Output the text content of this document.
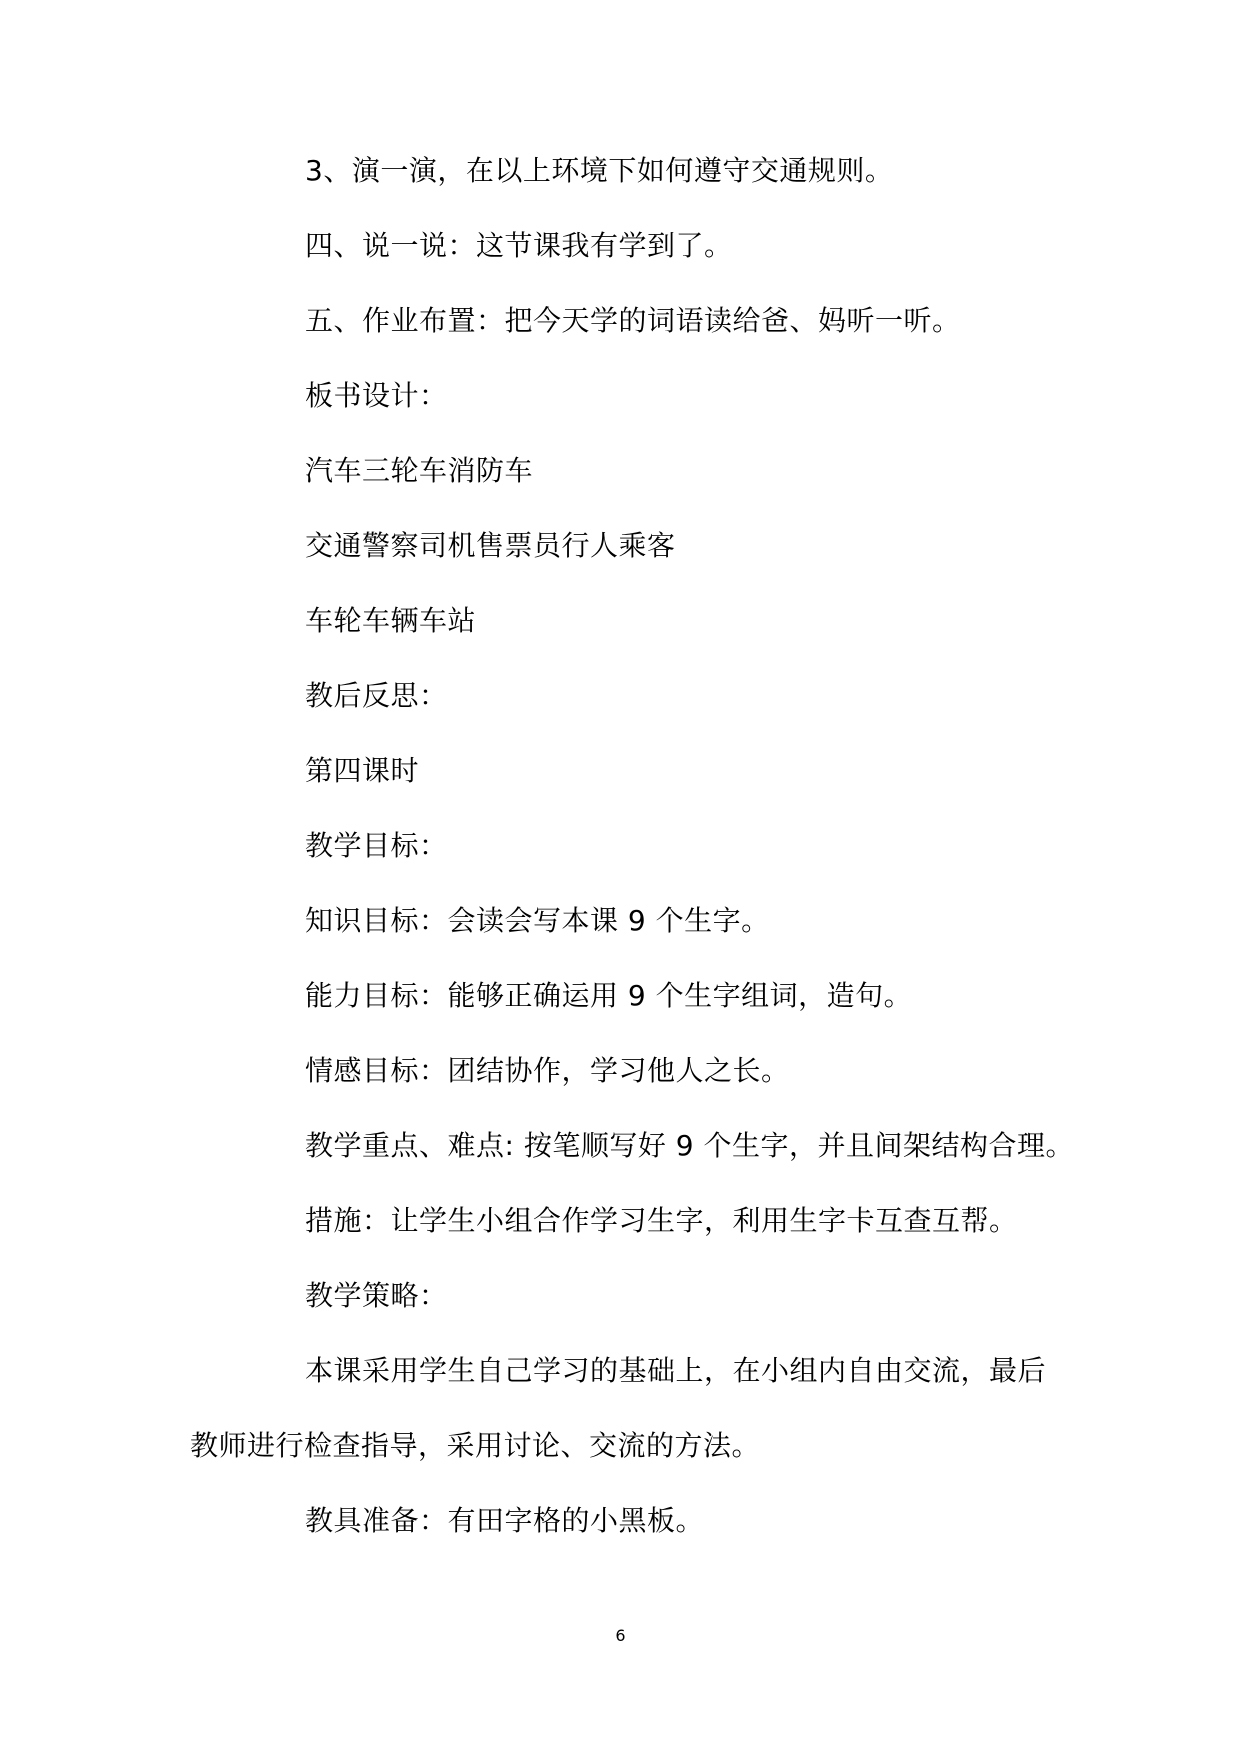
3、演一演，在以上环境下如何遵守交通规则。
四、说一说：这节课我有学到了。
五、作业布置：把今天学的词语读给爸、妈听一听。
板书设计：
汽车三轮车消防车
交通警察司机售票员行人乘客
车轮车辆车站
教后反思：
第四课时
教学目标：
知识目标：会读会写本课 9 个生字。
能力目标：能够正确运用 9 个生字组词，造句。
情感目标：团结协作，学习他人之长。
教学重点、难点: 按笔顺写好 9 个生字，并且间架结构合理。
措施：让学生小组合作学习生字，利用生字卡互查互帮。
教学策略：
本课采用学生自己学习的基础上，在小组内自由交流，最后
教师进行检查指导，采用讨论、交流的方法。
教具准备：有田字格的小黑板。
6
